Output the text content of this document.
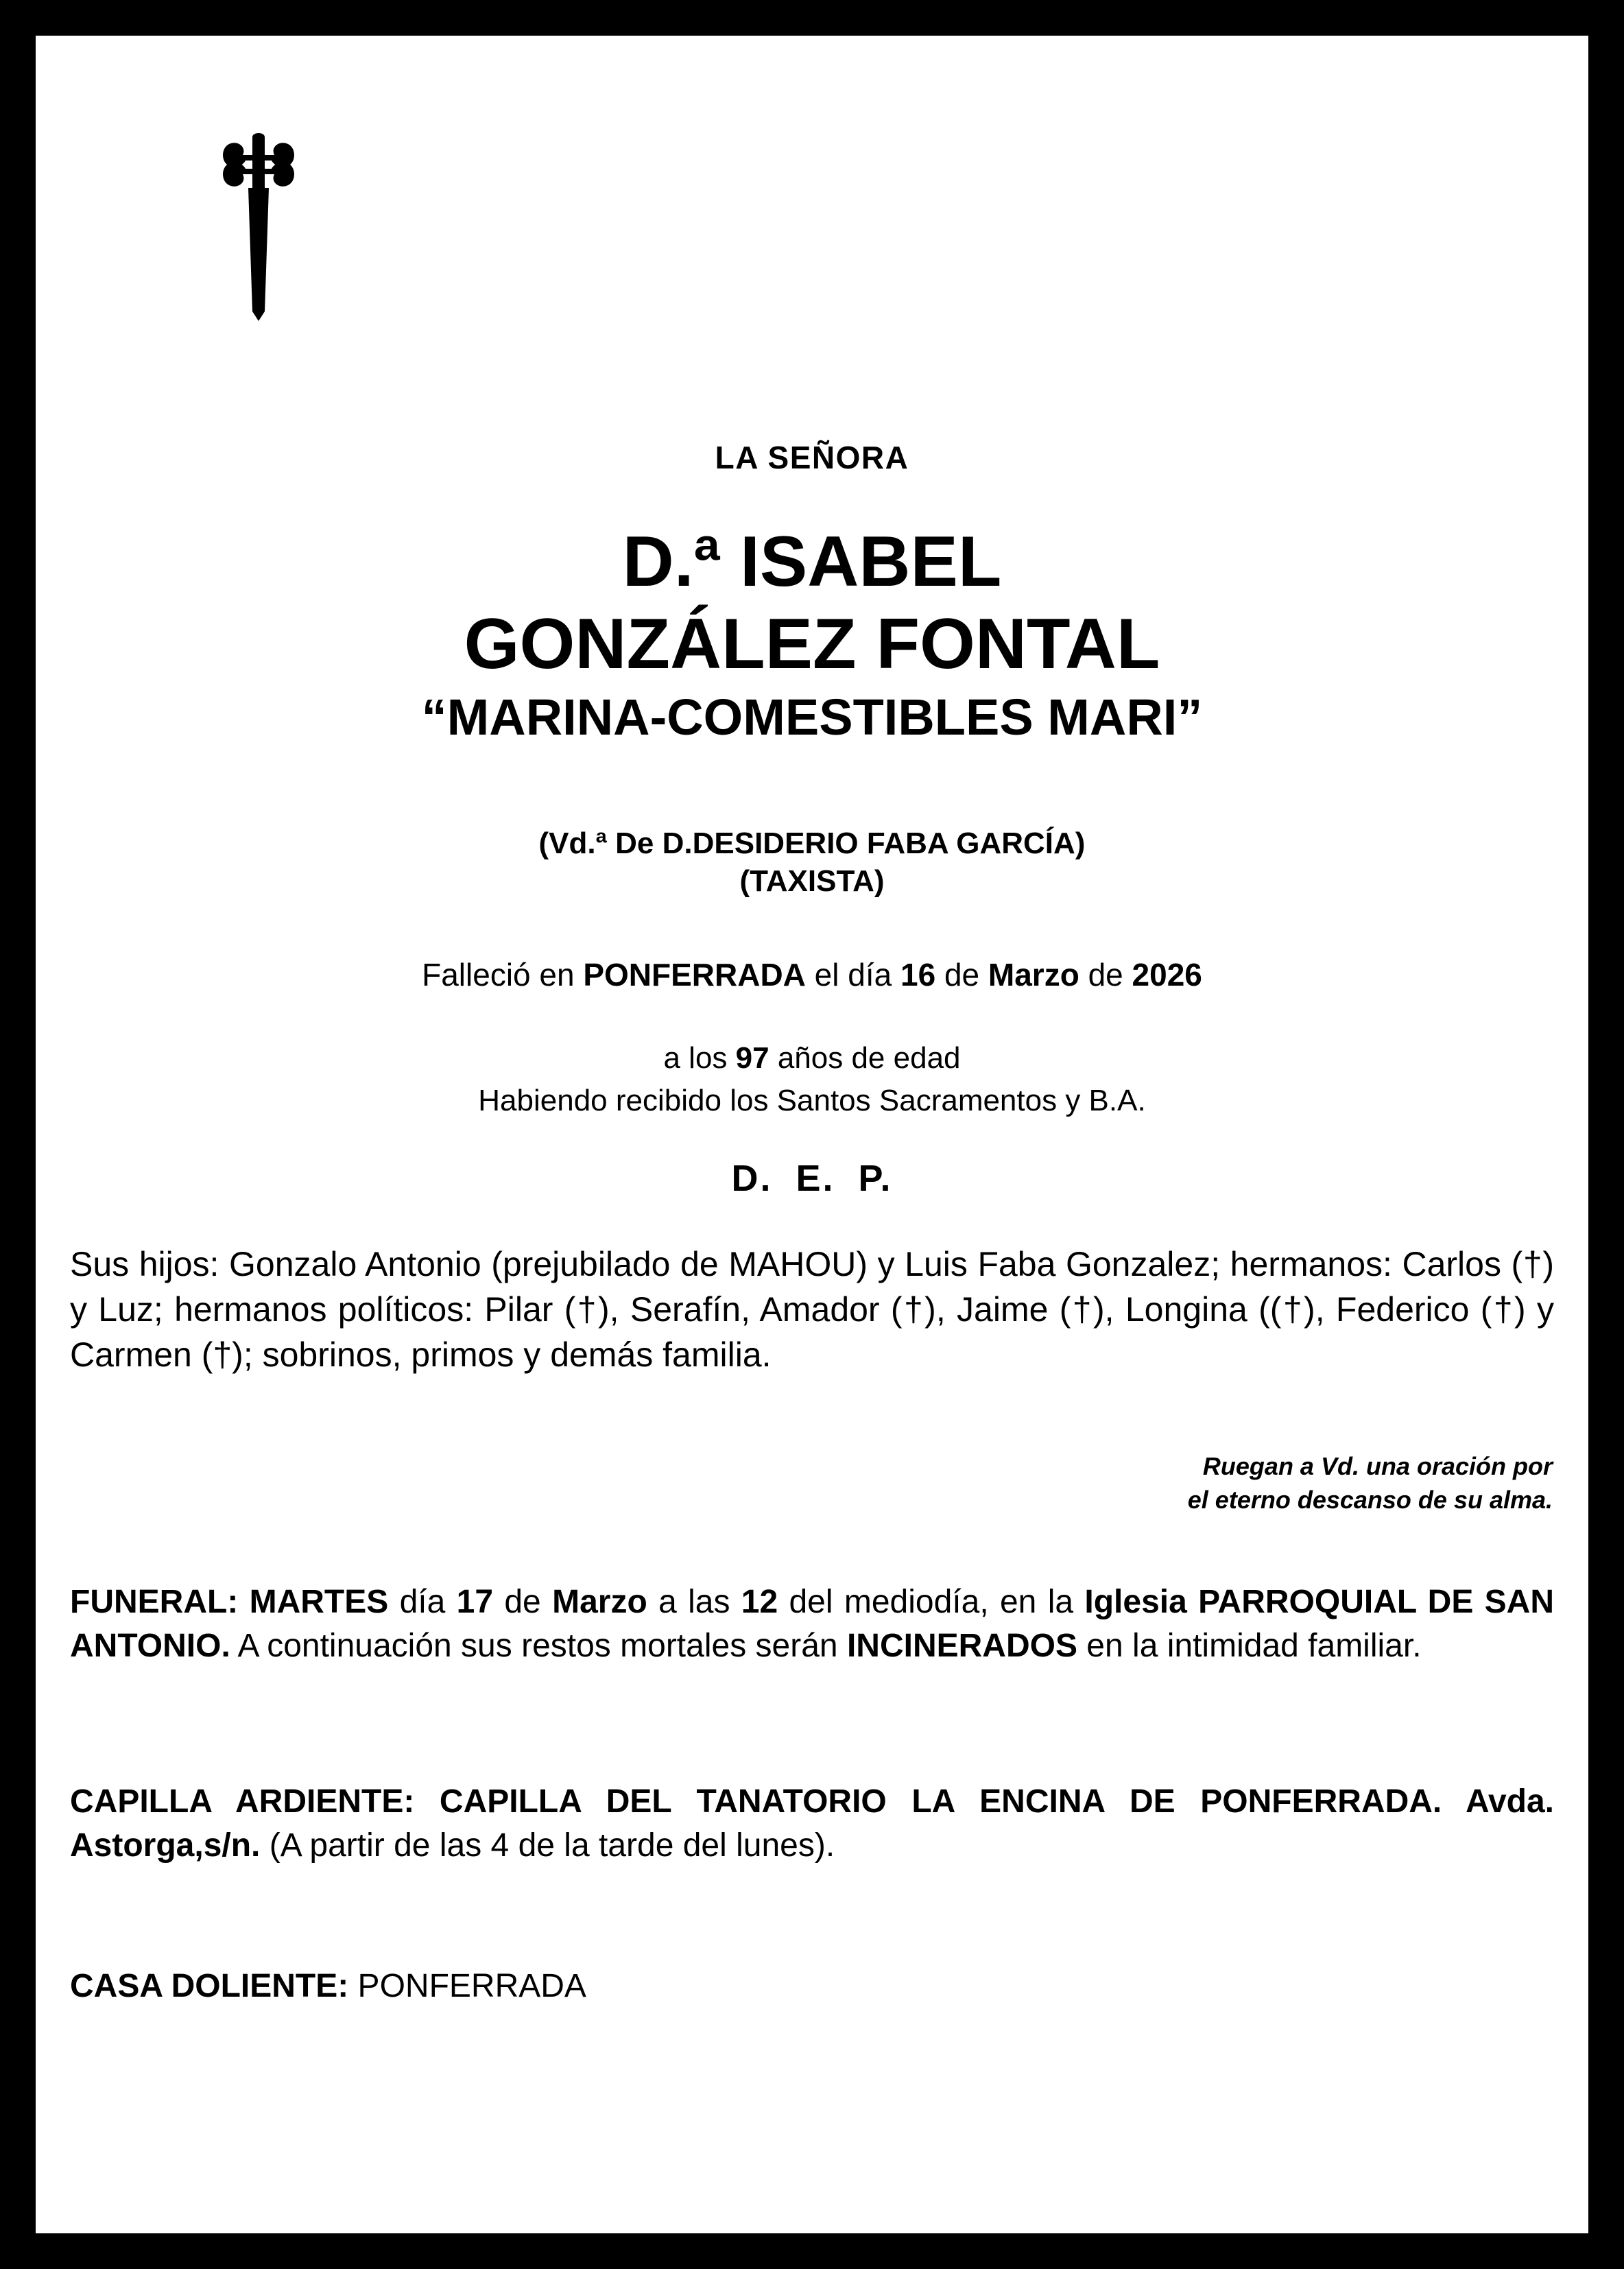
LA SEÑORA
D.ª ISABEL
GONZÁLEZ FONTAL
“MARINA-COMESTIBLES MARI”
(Vd.ª De D.DESIDERIO FABA GARCÍA)
(TAXISTA)
Falleció en PONFERRADA el día 16 de Marzo de 2026
a los 97 años de edad
Habiendo recibido los Santos Sacramentos y B.A.
D. E. P.
Sus hijos: Gonzalo Antonio (prejubilado de MAHOU) y Luis Faba Gonzalez; hermanos: Carlos (†) y Luz; hermanos políticos: Pilar (†), Serafín, Amador (†), Jaime (†), Longina ((†), Federico (†) y Carmen (†); sobrinos, primos y demás familia.
Ruegan a Vd. una oración por
el eterno descanso de su alma.
FUNERAL: MARTES día 17 de Marzo a las 12 del mediodía, en la Iglesia PARROQUIAL DE SAN ANTONIO. A continuación sus restos mortales serán INCINERADOS en la intimidad familiar.
CAPILLA ARDIENTE: CAPILLA DEL TANATORIO LA ENCINA DE PONFERRADA. Avda. Astorga,s/n. (A partir de las 4 de la tarde del lunes).
CASA DOLIENTE: PONFERRADA
